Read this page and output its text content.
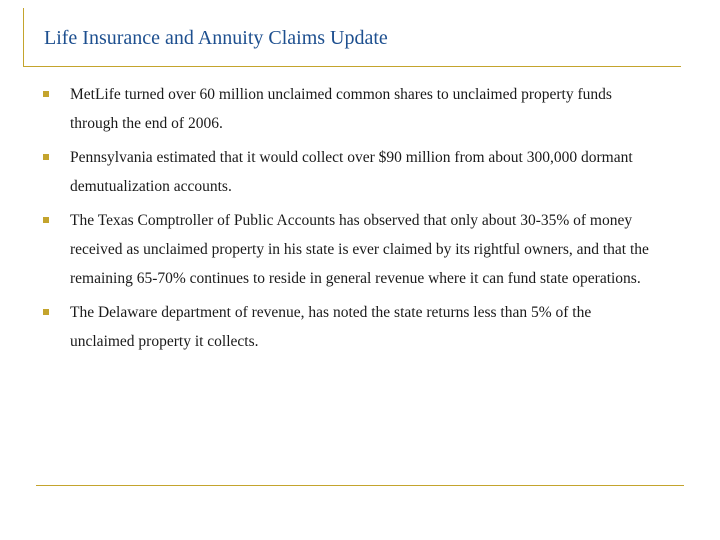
Life Insurance and Annuity Claims Update
MetLife turned over 60 million unclaimed common shares to unclaimed property funds through the end of 2006.
Pennsylvania estimated that it would collect over $90 million from about 300,000 dormant demutualization accounts.
The Texas Comptroller of Public Accounts has observed that only about 30-35% of money received as unclaimed property in his state is ever claimed by its rightful owners, and that the remaining 65-70% continues to reside in general revenue where it can fund state operations.
The Delaware department of revenue, has noted the state returns less than 5% of the unclaimed property it collects.
